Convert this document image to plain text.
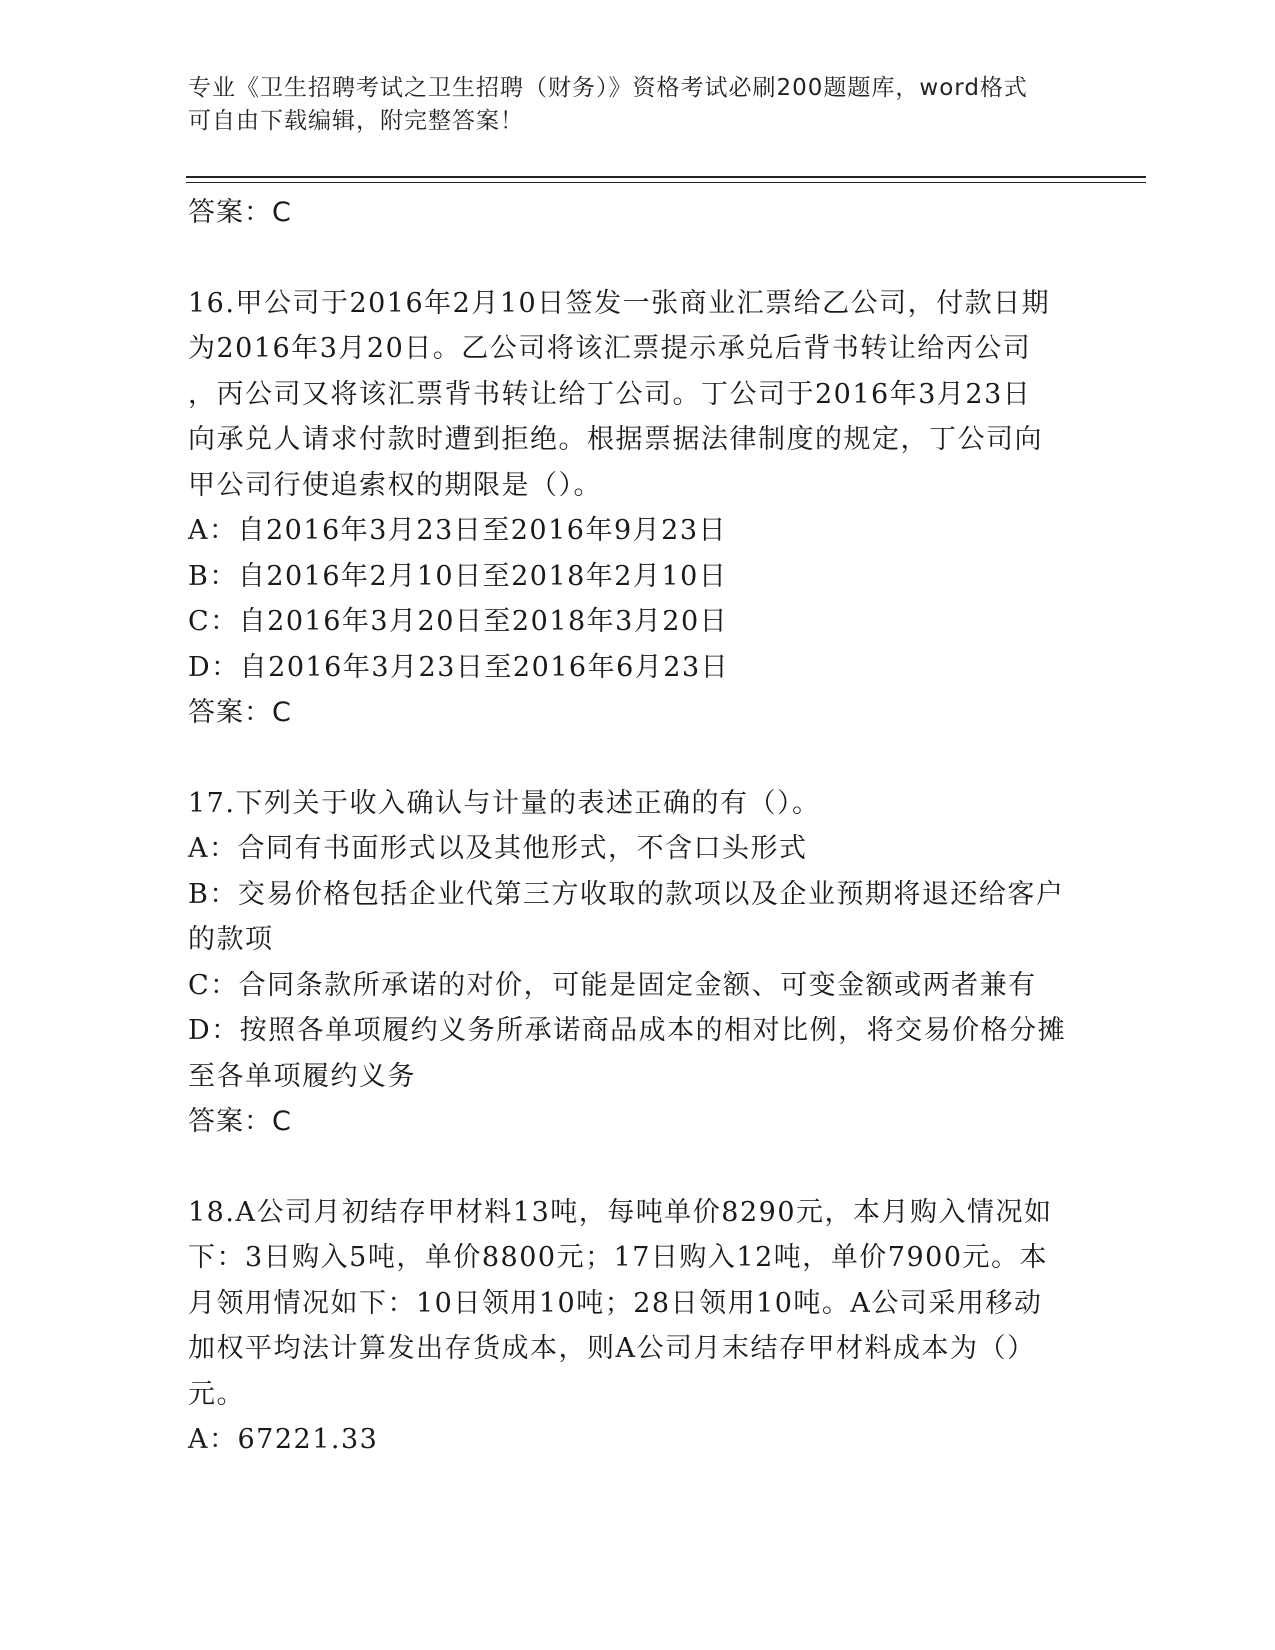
专业《卫生招聘考试之卫生招聘（财务）》资格考试必刷200题题库，word格式
可自由下载编辑，附完整答案！
答案：C
16.甲公司于2016年2月10日签发一张商业汇票给乙公司，付款日期
为2016年3月20日。乙公司将该汇票提示承兑后背书转让给丙公司
，丙公司又将该汇票背书转让给丁公司。丁公司于2016年3月23日
向承兑人请求付款时遭到拒绝。根据票据法律制度的规定，丁公司向
甲公司行使追索权的期限是（）。
A：自2016年3月23日至2016年9月23日
B：自2016年2月10日至2018年2月10日
C：自2016年3月20日至2018年3月20日
D：自2016年3月23日至2016年6月23日
答案：C
17.下列关于收入确认与计量的表述正确的有（）。
A：合同有书面形式以及其他形式，不含口头形式
B：交易价格包括企业代第三方收取的款项以及企业预期将退还给客户
的款项
C：合同条款所承诺的对价，可能是固定金额、可变金额或两者兼有
D：按照各单项履约义务所承诺商品成本的相对比例，将交易价格分摊
至各单项履约义务
答案：C
18.A公司月初结存甲材料13吨，每吨单价8290元，本月购入情况如
下：3日购入5吨，单价8800元；17日购入12吨，单价7900元。本
月领用情况如下：10日领用10吨；28日领用10吨。A公司采用移动
加权平均法计算发出存货成本，则A公司月末结存甲材料成本为（）
元。
A：67221.33
